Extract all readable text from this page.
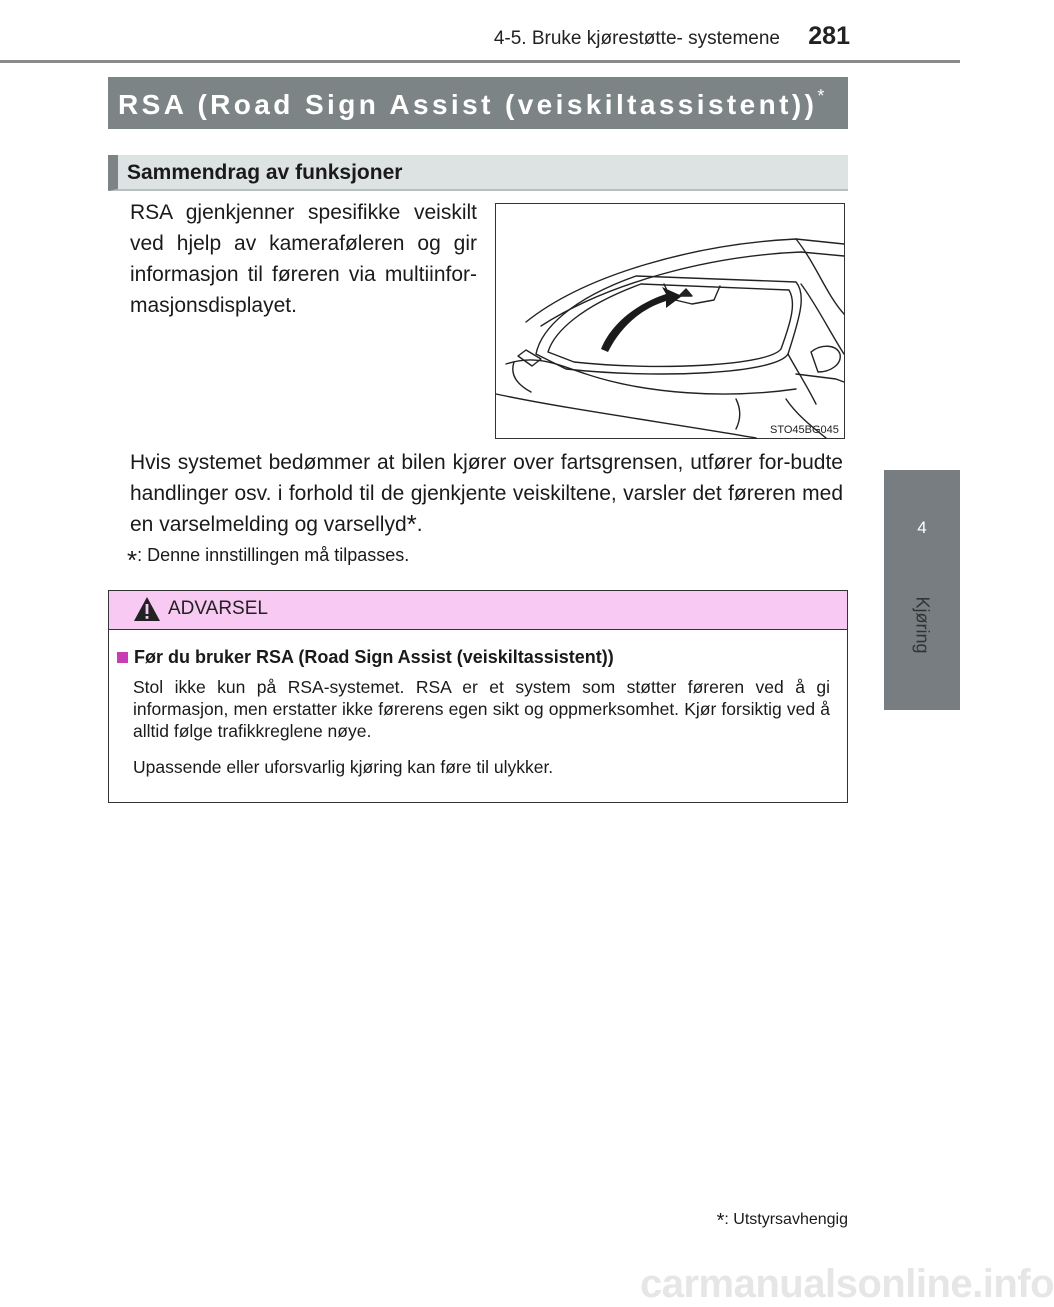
4-5. Bruke kjørestøtte- systemene	281
4
Kjøring
RSA (Road Sign Assist (veiskiltassistent))*
Sammendrag av funksjoner
RSA gjenkjenner spesifikke veiskilt ved hjelp av kameraføleren og gir informasjon til føreren via multiinfor-masjonsdisplayet.
STO45BG045
Hvis systemet bedømmer at bilen kjører over fartsgrensen, utfører for-budte handlinger osv. i forhold til de gjenkjente veiskiltene, varsler det føreren med en varselmelding og varsellyd*.
*: Denne innstillingen må tilpasses.
ADVARSEL
Før du bruker RSA (Road Sign Assist (veiskiltassistent))
Stol ikke kun på RSA-systemet. RSA er et system som støtter føreren ved å gi informasjon, men erstatter ikke førerens egen sikt og oppmerksomhet. Kjør forsiktig ved å alltid følge trafikkreglene nøye.
Upassende eller uforsvarlig kjøring kan føre til ulykker.
*: Utstyrsavhengig
carmanualsonline.info
